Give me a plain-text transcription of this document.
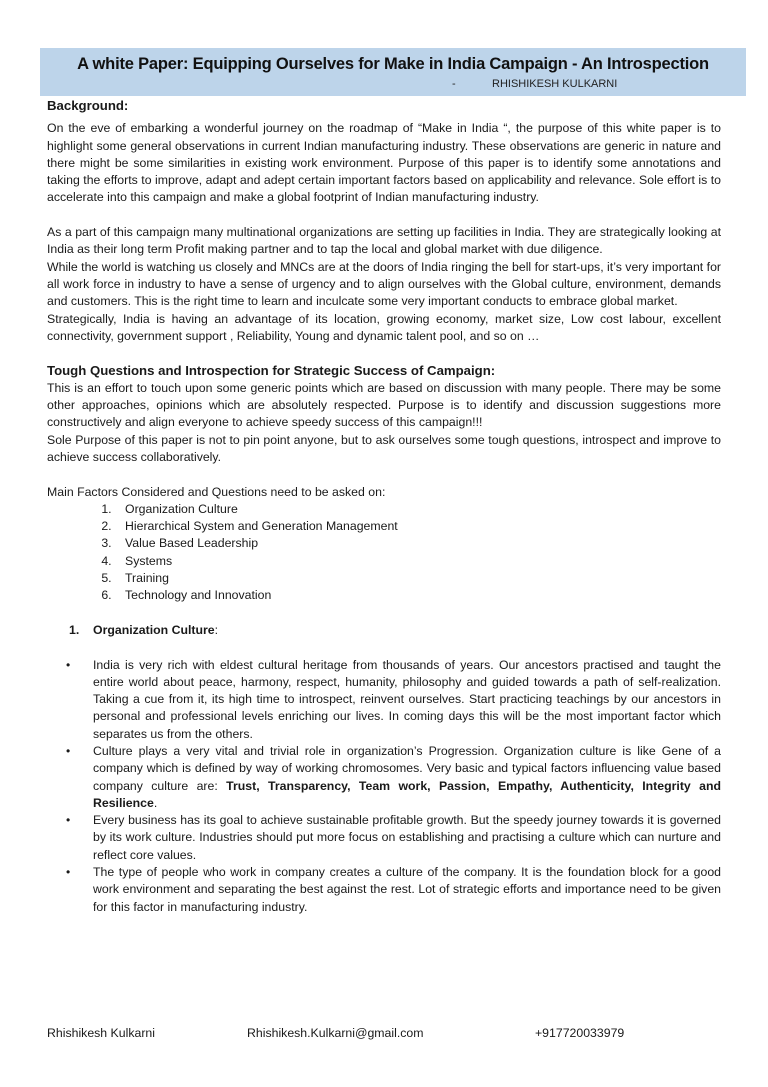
A white Paper: Equipping Ourselves for Make in India Campaign - An Introspection
-	RHISHIKESH KULKARNI

Background:

On the eve of embarking a wonderful journey on the roadmap of “Make in India “, the purpose of this white paper is to highlight some general observations in current Indian manufacturing industry. These observations are generic in nature and there might be some similarities in existing work environment. Purpose of this paper is to identify some annotations and taking the efforts to improve, adapt and adept certain important factors based on applicability and relevance. Sole effort is to accelerate into this campaign and make a global footprint of Indian manufacturing industry.

As a part of this campaign many multinational organizations are setting up facilities in India. They are strategically looking at India as their long term Profit making partner and to tap the local and global market with due diligence.

While the world is watching us closely and MNCs are at the doors of India ringing the bell for start-ups, it’s very important for all work force in industry to have a sense of urgency and to align ourselves with the Global culture, environment, demands and customers. This is the right time to learn and inculcate some very important conducts to embrace global market.

Strategically, India is having an advantage of its location, growing economy, market size, Low cost labour, excellent connectivity, government support , Reliability, Young and dynamic talent pool, and so on …

Tough Questions and Introspection for Strategic Success of Campaign:

This is an effort to touch upon some generic points which are based on discussion with many people. There may be some other approaches, opinions which are absolutely respected. Purpose is to identify and discussion suggestions more constructively and align everyone to achieve speedy success of this campaign!!!

Sole Purpose of this paper is not to pin point anyone, but to ask ourselves some tough questions, introspect and improve to achieve success collaboratively.

Main Factors Considered and Questions need to be asked on:

1. Organization Culture
2. Hierarchical System and Generation Management
3. Value Based Leadership
4. Systems
5. Training
6. Technology and Innovation

1. Organization Culture:

• India is very rich with eldest cultural heritage from thousands of years. Our ancestors practised and taught the entire world about peace, harmony, respect, humanity, philosophy and guided towards a path of self-realization. Taking a cue from it, its high time to introspect, reinvent ourselves. Start practicing teachings by our ancestors in personal and professional levels enriching our lives. In coming days this will be the most important factor which separates us from the others.
• Culture plays a very vital and trivial role in organization’s Progression. Organization culture is like Gene of a company which is defined by way of working chromosomes. Very basic and typical factors influencing value based company culture are: Trust, Transparency, Team work, Passion, Empathy, Authenticity, Integrity and Resilience.
• Every business has its goal to achieve sustainable profitable growth. But the speedy journey towards it is governed by its work culture. Industries should put more focus on establishing and practising a culture which can nurture and reflect core values.
• The type of people who work in company creates a culture of the company. It is the foundation block for a good work environment and separating the best against the rest. Lot of strategic efforts and importance need to be given for this factor in manufacturing industry.
Rhishikesh Kulkarni	Rhishikesh.Kulkarni@gmail.com	+917720033979
